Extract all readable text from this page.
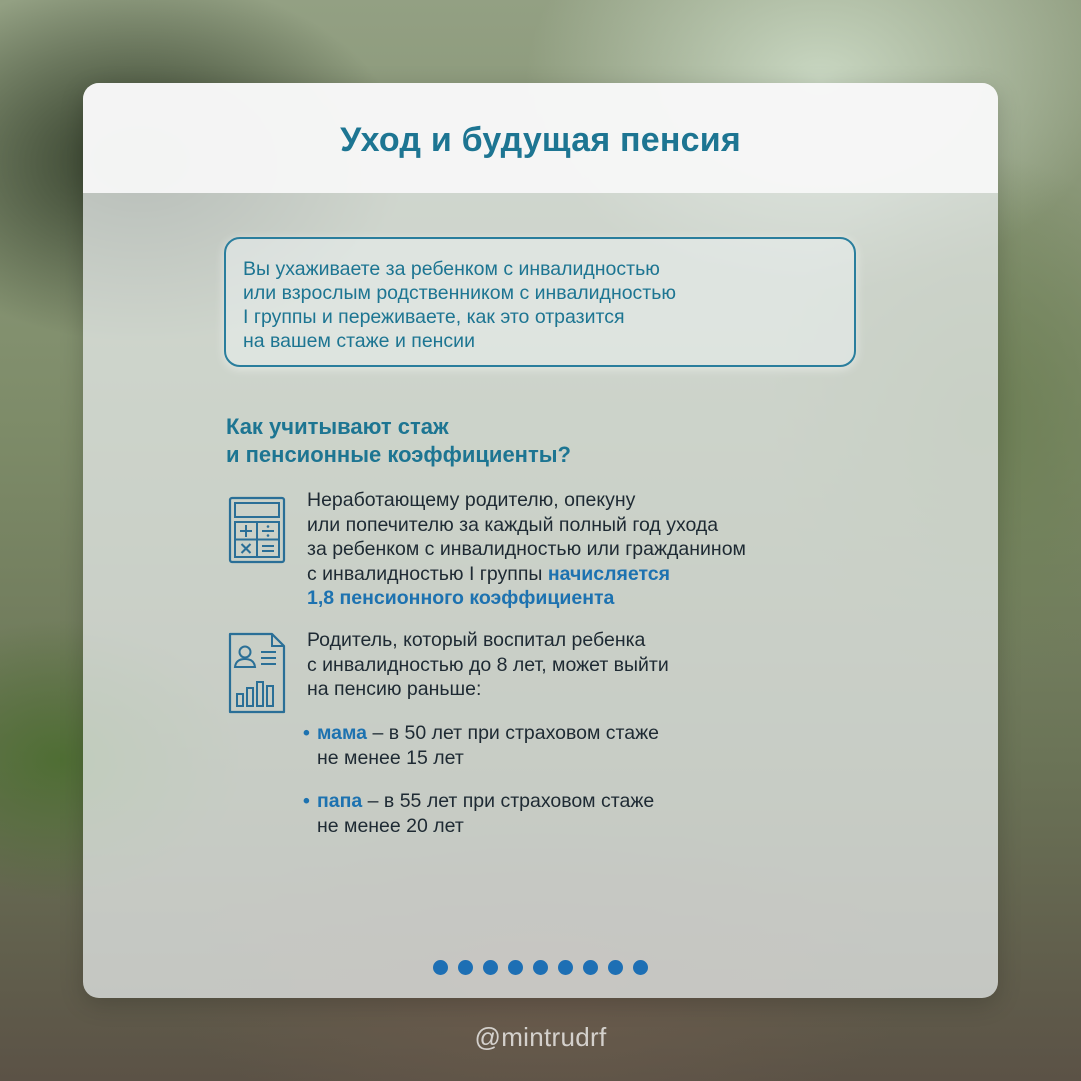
Уход и будущая пенсия
Вы ухаживаете за ребенком с инвалидностью
или взрослым родственником с инвалидностью
I группы и переживаете, как это отразится
на вашем стаже и пенсии
Как учитывают стаж
и пенсионные коэффициенты?
Неработающему родителю, опекуну
или попечителю за каждый полный год ухода
за ребенком с инвалидностью или гражданином
с инвалидностью I группы начисляется
1,8 пенсионного коэффициента
Родитель, который воспитал ребенка
с инвалидностью до 8 лет, может выйти
на пенсию раньше:
• мама – в 50 лет при страховом стаже
не менее 15 лет
• папа – в 55 лет при страховом стаже
не менее 20 лет
@mintrudrf
